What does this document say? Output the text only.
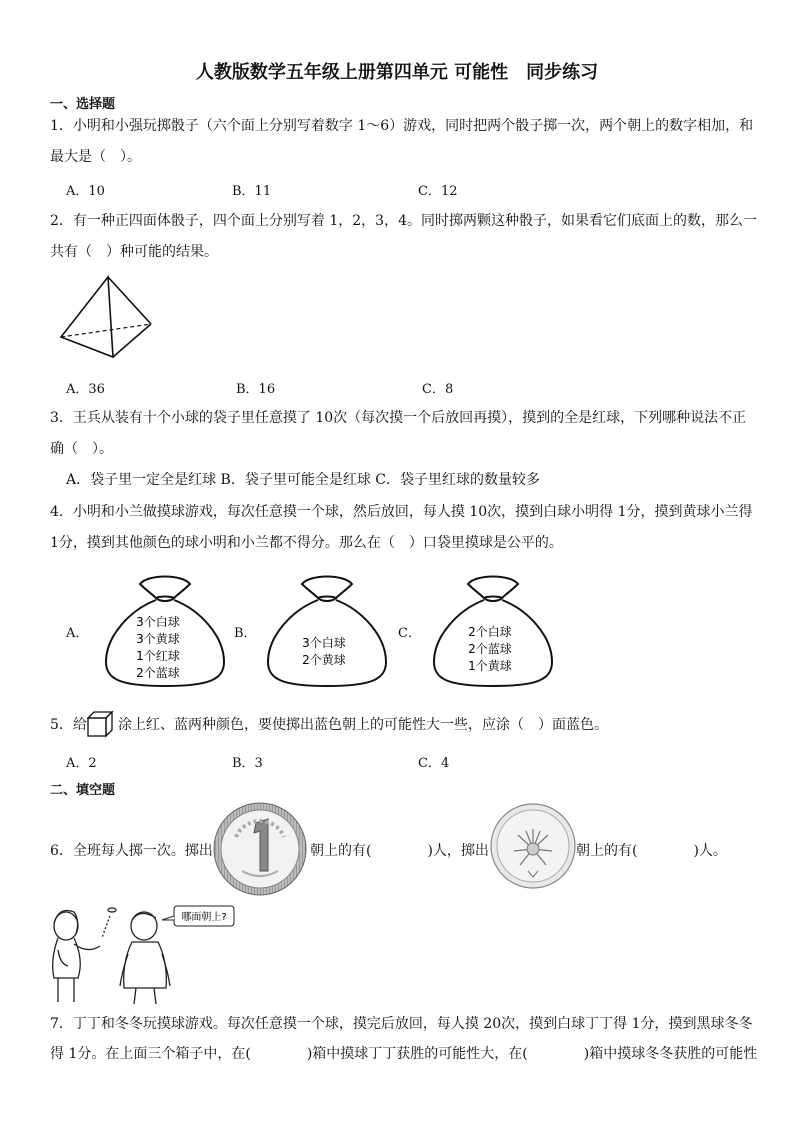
人教版数学五年级上册第四单元 可能性　同步练习
一、选择题
1．小明和小强玩掷骰子（六个面上分别写着数字 1～6）游戏，同时把两个骰子掷一次，两个朝上的数字相加，和
最大是（　）。
A．10	B．11	C．12
2．有一种正四面体骰子，四个面上分别写着 1，2，3，4。同时掷两颗这种骰子，如果看它们底面上的数，那么一
共有（　）种可能的结果。
A．36	B．16	C．8
3．王兵从装有十个小球的袋子里任意摸了 10次（每次摸一个后放回再摸），摸到的全是红球，下列哪种说法不正
确（　）。
A．袋子里一定全是红球 B．袋子里可能全是红球 C．袋子里红球的数量较多
4．小明和小兰做摸球游戏，每次任意摸一个球，然后放回，每人摸 10次，摸到白球小明得 1分，摸到黄球小兰得
1分，摸到其他颜色的球小明和小兰都不得分。那么在（　）口袋里摸球是公平的。
A．	B．	C．
3个白球
3个黄球
1个红球
2个蓝球
3个白球
2个黄球
2个白球
2个蓝球
1个黄球
5．给 涂上红、蓝两种颜色，要使掷出蓝色朝上的可能性大一些，应涂（　）面蓝色。
A．2	B．3	C．4
二、填空题
6．全班每人掷一次。掷出	朝上的有(　　　　)人，掷出	朝上的有(　　　　)人。
哪面朝上?
7．丁丁和冬冬玩摸球游戏。每次任意摸一个球，摸完后放回，每人摸 20次，摸到白球丁丁得 1分，摸到黑球冬冬
得 1分。在上面三个箱子中，在(　　　　)箱中摸球丁丁获胜的可能性大，在(　　　　)箱中摸球冬冬获胜的可能性
